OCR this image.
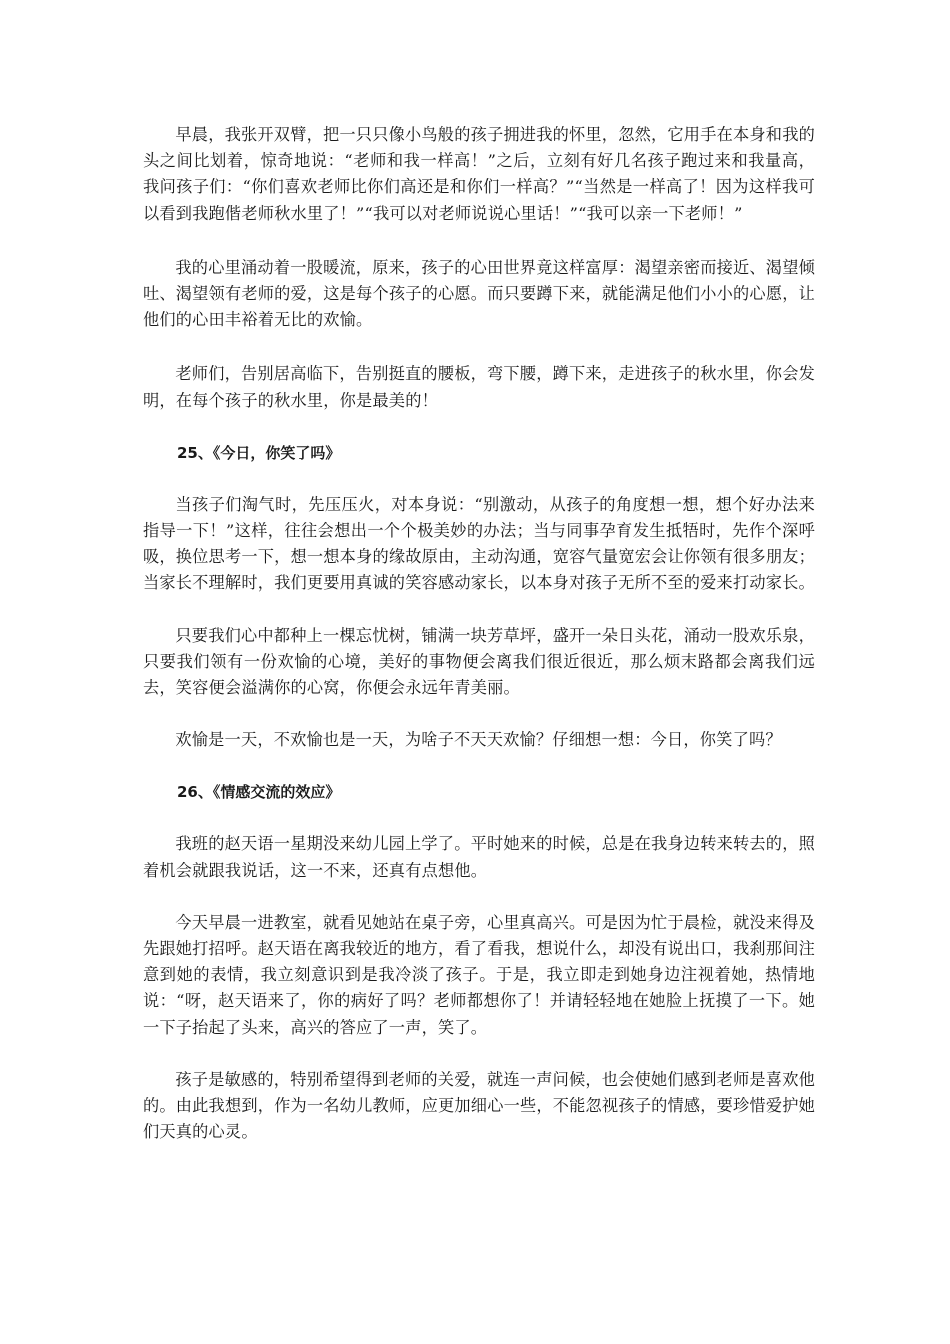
早晨，我张开双臂，把一只只像小鸟般的孩子拥进我的怀里，忽然，它用手在本身和我的头之间比划着，惊奇地说：“老师和我一样高！”之后，立刻有好几名孩子跑过来和我量高，我问孩子们：“你们喜欢老师比你们高还是和你们一样高？”“当然是一样高了！因为这样我可以看到我跑偕老师秋水里了！”“我可以对老师说说心里话！”“我可以亲一下老师！”

我的心里涌动着一股暖流，原来，孩子的心田世界竟这样富厚：渴望亲密而接近、渴望倾吐、渴望领有老师的爱，这是每个孩子的心愿。而只要蹲下来，就能满足他们小小的心愿，让他们的心田丰裕着无比的欢愉。

老师们，告别居高临下，告别挺直的腰板，弯下腰，蹲下来，走进孩子的秋水里，你会发明，在每个孩子的秋水里，你是最美的！

25、《今日，你笑了吗》

当孩子们淘气时，先压压火，对本身说：“别激动，从孩子的角度想一想，想个好办法来指导一下！”这样，往往会想出一个个极美妙的办法；当与同事孕育发生抵牾时，先作个深呼吸，换位思考一下，想一想本身的缘故原由，主动沟通，宽容气量宽宏会让你领有很多朋友；当家长不理解时，我们更要用真诚的笑容感动家长，以本身对孩子无所不至的爱来打动家长。

只要我们心中都种上一棵忘忧树，铺满一块芳草坪，盛开一朵日头花，涌动一股欢乐泉，只要我们领有一份欢愉的心境，美好的事物便会离我们很近很近，那么烦末路都会离我们远去，笑容便会溢满你的心窝，你便会永远年青美丽。

欢愉是一天，不欢愉也是一天，为啥子不天天欢愉？仔细想一想：今日，你笑了吗？

26、《情感交流的效应》

我班的赵天语一星期没来幼儿园上学了。平时她来的时候，总是在我身边转来转去的，照着机会就跟我说话，这一不来，还真有点想他。

今天早晨一进教室，就看见她站在桌子旁，心里真高兴。可是因为忙于晨检，就没来得及先跟她打招呼。赵天语在离我较近的地方，看了看我，想说什么，却没有说出口，我刹那间注意到她的表情，我立刻意识到是我冷淡了孩子。于是，我立即走到她身边注视着她，热情地说：“呀，赵天语来了，你的病好了吗？老师都想你了！并请轻轻地在她脸上抚摸了一下。她一下子抬起了头来，高兴的答应了一声，笑了。

孩子是敏感的，特别希望得到老师的关爱，就连一声问候，也会使她们感到老师是喜欢他的。由此我想到，作为一名幼儿教师，应更加细心一些，不能忽视孩子的情感，要珍惜爱护她们天真的心灵。
